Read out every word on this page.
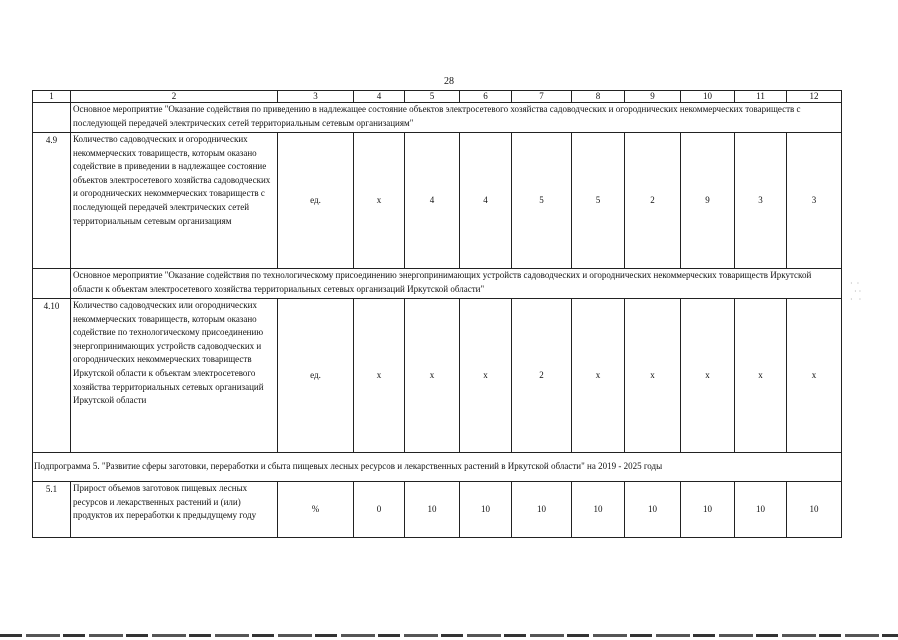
28
1	2	3	4	5	6	7	8	9	10	11	12
	Основное мероприятие "Оказание содействия по приведению в надлежащее состояние объектов электросетевого хозяйства садоводческих и огороднических некоммерческих товариществ с последующей передачей электрических сетей территориальным сетевым организациям"										
4.9	Количество садоводческих и огороднических некоммерческих товариществ, которым оказано содействие в приведении в надлежащее состояние объектов электросетевого хозяйства садоводческих и огороднических некоммерческих товариществ с последующей передачей электрических сетей территориальным сетевым организациям	ед.	х	4	4	5	5	2	9	3	3
	Основное мероприятие "Оказание содействия по технологическому присоединению энергопринимающих устройств садоводческих и огороднических некоммерческих товариществ Иркутской области к объектам электросетевого хозяйства территориальных сетевых организаций Иркутской области"										
4.10	Количество садоводческих или огороднических некоммерческих товариществ, которым оказано содействие по технологическому присоединению энергопринимающих устройств садоводческих и огороднических некоммерческих товариществ Иркутской области к объектам электросетевого хозяйства территориальных сетевых организаций Иркутской области	ед.	х	х	х	2	х	х	х	х	х
Подпрограмма 5. "Развитие сферы заготовки, переработки и сбыта пищевых лесных ресурсов и лекарственных растений в Иркутской области" на 2019 - 2025 годы											
5.1	Прирост объемов заготовок пищевых лесных ресурсов и лекарственных растений и (или) продуктов их переработки к предыдущему году	%	0	10	10	10	10	10	10	10	10
·  ·
· ·
·   ·
